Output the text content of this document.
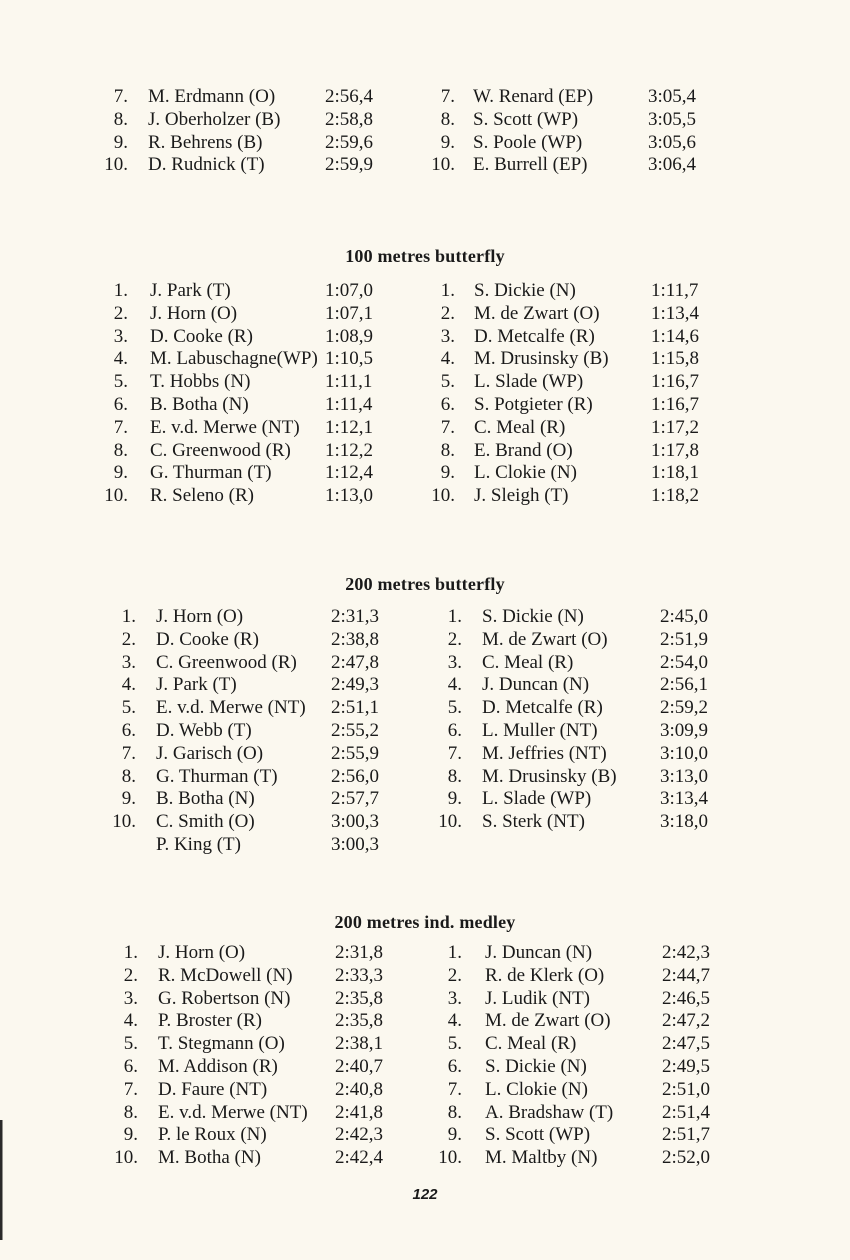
122
7. M. Erdmann (O)	2:56,4
8. J. Oberholzer (B) 2:58,8
9. R. Behrens (B)	2:59,6
10. D. Rudnick (T)	2:59,9
7. W. Renard (EP)	3:05,4
8. S. Scott (WP)	3:05,5
9. S. Poole (WP)	3:05,6
10. E. Burrell (EP)	3:06,4
100 metres butterfly
1. J. Park (T)	1:07,0
2. J. Horn (O)	1:07,1
3. D. Cooke (R)	1:08,9
4. M. Labuschagne(WP) 1:10,5
5. T. Hobbs (N)	1:11,1
6. B. Botha (N)	1:11,4
7. E. v.d. Merwe (NT) 1:12,1
8. C. Greenwood (R) 1:12,2
9. G. Thurman (T)	1:12,4
10. R. Seleno (R)	1:13,0
1. S. Dickie (N)	1:11,7
2. M. de Zwart (O)	1:13,4
3. D. Metcalfe (R)	1:14,6
4. M. Drusinsky (B) 1:15,8
5. L. Slade (WP)	1:16,7
6. S. Potgieter (R)	1:16,7
7. C. Meal (R)	1:17,2
8. E. Brand (O)	1:17,8
9. L. Clokie (N)	1:18,1
10. J. Sleigh (T)	1:18,2
200 metres butterfly
1. J. Horn (O)	2:31,3
2. D. Cooke (R)	2:38,8
3. C. Greenwood (R) 2:47,8
4. J. Park (T)	2:49,3
5. E. v.d. Merwe (NT) 2:51,1
6. D. Webb (T)	2:55,2
7. J. Garisch (O)	2:55,9
8. G. Thurman (T)	2:56,0
9. B. Botha (N)	2:57,7
10. C. Smith (O)	3:00,3
P. King (T)	3:00,3
1. S. Dickie (N)	2:45,0
2. M. de Zwart (O)	2:51,9
3. C. Meal (R)	2:54,0
4. J. Duncan (N)	2:56,1
5. D. Metcalfe (R)	2:59,2
6. L. Muller (NT)	3:09,9
7. M. Jeffries (NT)	3:10,0
8. M. Drusinsky (B) 3:13,0
9. L. Slade (WP)	3:13,4
10. S. Sterk (NT)	3:18,0
200 metres ind. medley
1. J. Horn (O)	2:31,8
2. R. McDowell (N) 2:33,3
3. G. Robertson (N) 2:35,8
4. P. Broster (R)	2:35,8
5. T. Stegmann (O)	2:38,1
6. M. Addison (R)	2:40,7
7. D. Faure (NT)	2:40,8
8. E. v.d. Merwe (NT) 2:41,8
9. P. le Roux (N)	2:42,3
10. M. Botha (N)	2:42,4
1. J. Duncan (N)	2:42,3
2. R. de Klerk (O)	2:44,7
3. J. Ludik (NT)	2:46,5
4. M. de Zwart (O)	2:47,2
5. C. Meal (R)	2:47,5
6. S. Dickie (N)	2:49,5
7. L. Clokie (N)	2:51,0
8. A. Bradshaw (T)	2:51,4
9. S. Scott (WP)	2:51,7
10. M. Maltby (N)	2:52,0
